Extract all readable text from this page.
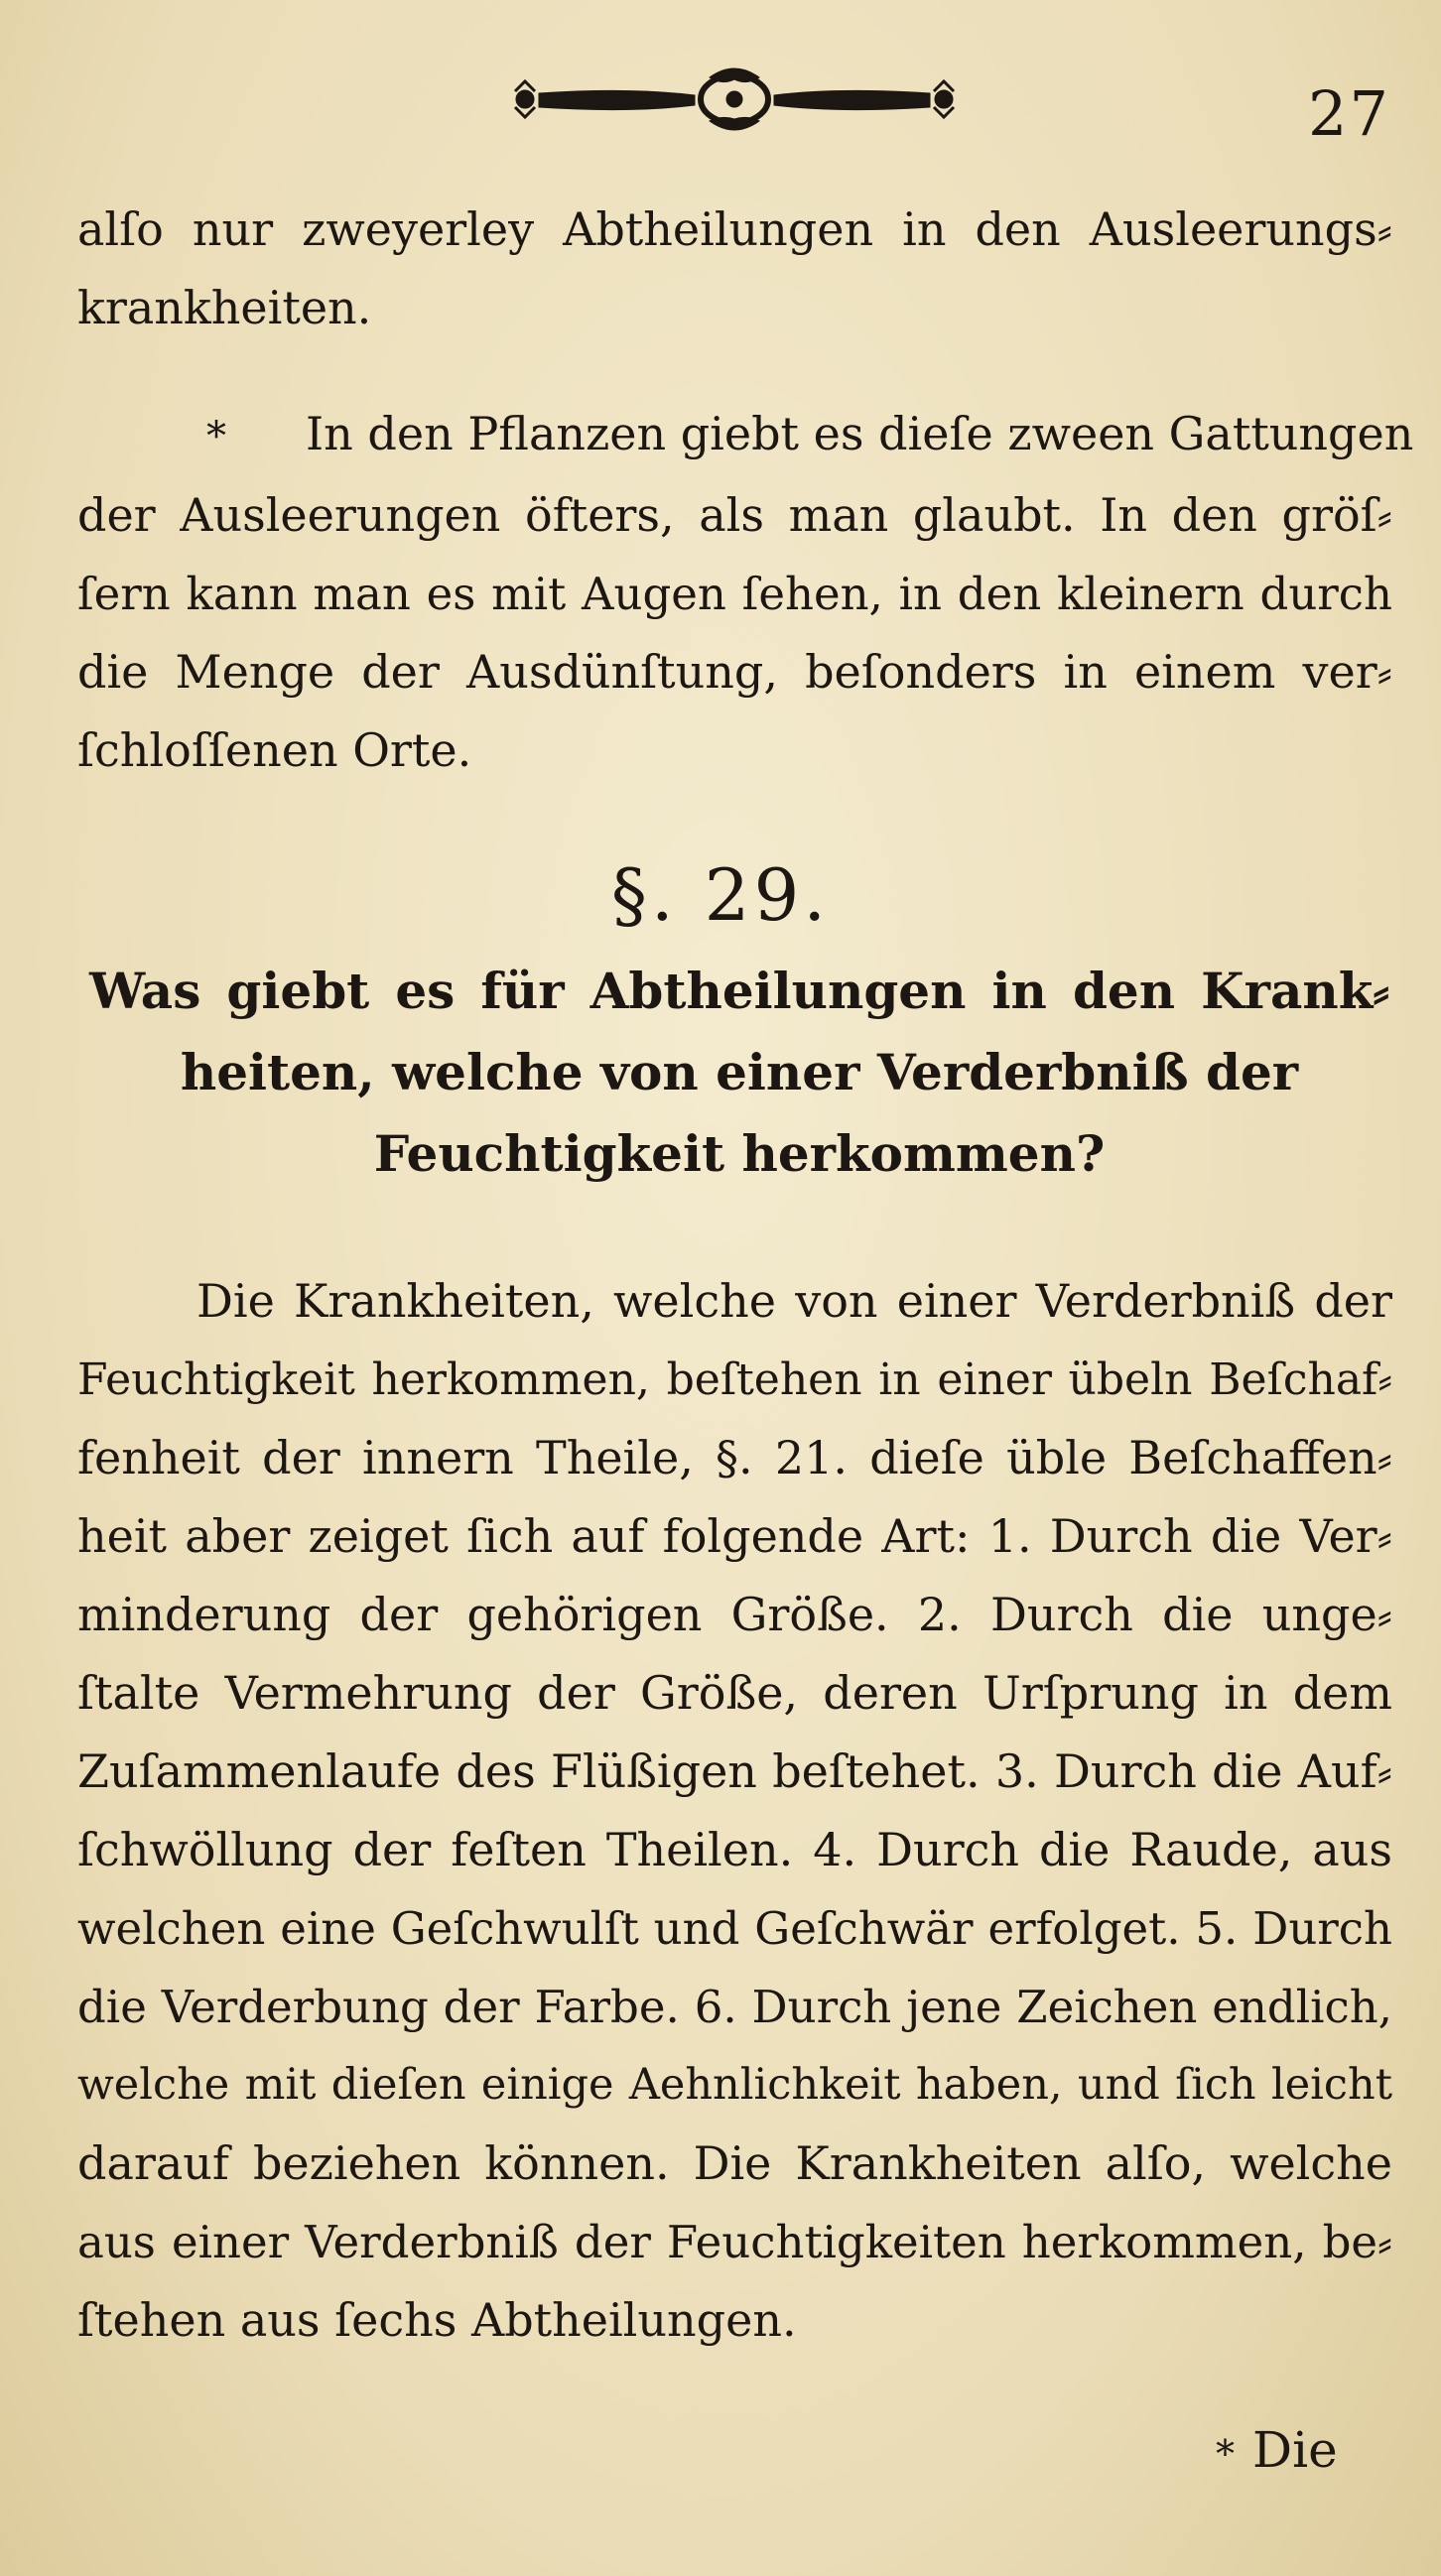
27
alſo nur zweyerley Abtheilungen in den Ausleerungs⸗
krankheiten.
* In den Pflanzen giebt es dieſe zween Gattungen
der Ausleerungen öfters, als man glaubt. In den gröſ⸗
ſern kann man es mit Augen ſehen, in den kleinern durch
die Menge der Ausdünſtung, beſonders in einem ver⸗
ſchloſſenen Orte.
§. 29.
Was giebt es für Abtheilungen in den Krank⸗
heiten, welche von einer Verderbniß der
Feuchtigkeit herkommen?
Die Krankheiten, welche von einer Verderbniß der
Feuchtigkeit herkommen, beſtehen in einer übeln Beſchaf⸗
fenheit der innern Theile, §. 21. dieſe üble Beſchaffen⸗
heit aber zeiget ſich auf folgende Art: 1. Durch die Ver⸗
minderung der gehörigen Größe. 2. Durch die unge⸗
ſtalte Vermehrung der Größe, deren Urſprung in dem
Zuſammenlaufe des Flüßigen beſtehet. 3. Durch die Auf⸗
ſchwöllung der feſten Theilen. 4. Durch die Raude, aus
welchen eine Geſchwulſt und Geſchwär erfolget. 5. Durch
die Verderbung der Farbe. 6. Durch jene Zeichen endlich,
welche mit dieſen einige Aehnlichkeit haben, und ſich leicht
darauf beziehen können. Die Krankheiten alſo, welche
aus einer Verderbniß der Feuchtigkeiten herkommen, be⸗
ſtehen aus ſechs Abtheilungen.
* Die
